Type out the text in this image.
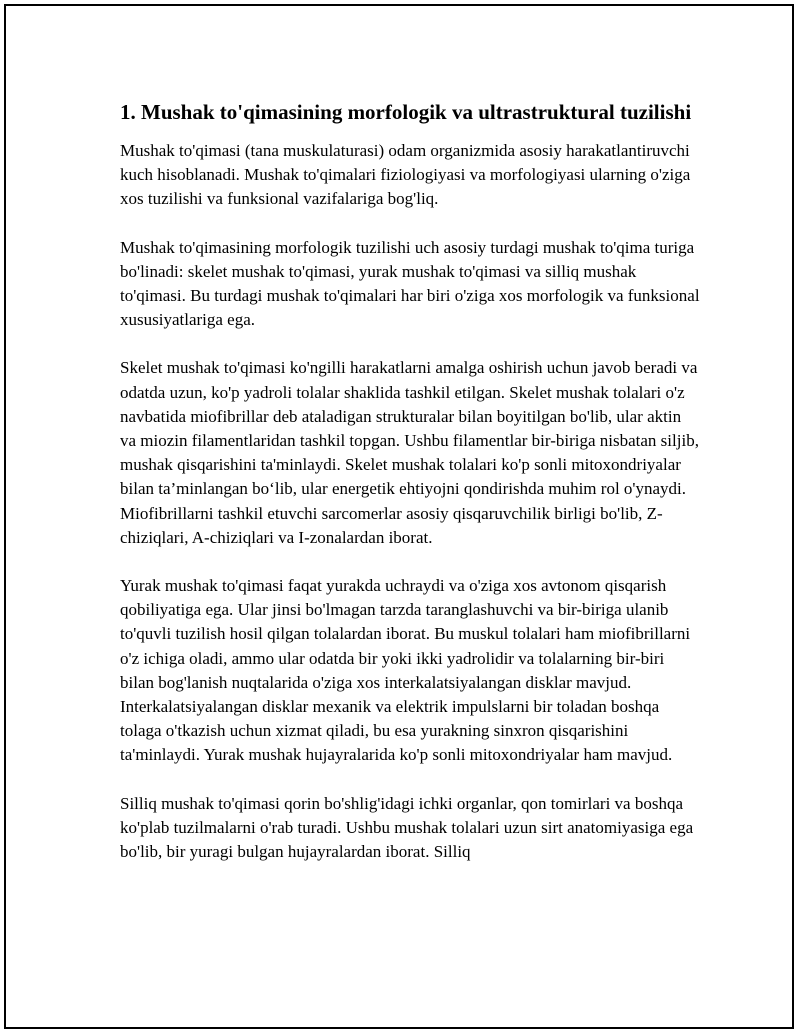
1. Mushak to'qimasining morfologik va ultrastruktural tuzilishi

Mushak to'qimasi (tana muskulaturasi) odam organizmida asosiy harakatlantiruvchi kuch hisoblanadi. Mushak to'qimalari fiziologiyasi va morfologiyasi ularning o'ziga xos tuzilishi va funksional vazifalariga bog'liq.

Mushak to'qimasining morfologik tuzilishi uch asosiy turdagi mushak to'qima turiga bo'linadi: skelet mushak to'qimasi, yurak mushak to'qimasi va silliq mushak to'qimasi. Bu turdagi mushak to'qimalari har biri o'ziga xos morfologik va funksional xususiyatlariga ega.

Skelet mushak to'qimasi ko'ngilli harakatlarni amalga oshirish uchun javob beradi va odatda uzun, ko'p yadroli tolalar shaklida tashkil etilgan. Skelet mushak tolalari o'z navbatida miofibrillar deb ataladigan strukturalar bilan boyitilgan bo'lib, ular aktin va miozin filamentlaridan tashkil topgan. Ushbu filamentlar bir-biriga nisbatan siljib, mushak qisqarishini ta'minlaydi. Skelet mushak tolalari ko'p sonli mitoxondriyalar bilan ta’minlangan bo‘lib, ular energetik ehtiyojni qondirishda muhim rol o'ynaydi. Miofibrillarni tashkil etuvchi sarcomerlar asosiy qisqaruvchilik birligi bo'lib, Z-chiziqlari, A-chiziqlari va I-zonalardan iborat.

Yurak mushak to'qimasi faqat yurakda uchraydi va o'ziga xos avtonom qisqarish qobiliyatiga ega. Ular jinsi bo'lmagan tarzda taranglashuvchi va bir-biriga ulanib to'quvli tuzilish hosil qilgan tolalardan iborat. Bu muskul tolalari ham miofibrillarni o'z ichiga oladi, ammo ular odatda bir yoki ikki yadrolidir va tolalarning bir-biri bilan bog'lanish nuqtalarida o'ziga xos interkalatsiyalangan disklar mavjud. Interkalatsiyalangan disklar mexanik va elektrik impulslarni bir toladan boshqa tolaga o'tkazish uchun xizmat qiladi, bu esa yurakning sinxron qisqarishini ta'minlaydi. Yurak mushak hujayralarida ko'p sonli mitoxondriyalar ham mavjud.

Silliq mushak to'qimasi qorin bo'shlig'idagi ichki organlar, qon tomirlari va boshqa ko'plab tuzilmalarni o'rab turadi. Ushbu mushak tolalari uzun sirt anatomiyasiga ega bo'lib, bir yuragi bulgan hujayralardan iborat. Silliq
